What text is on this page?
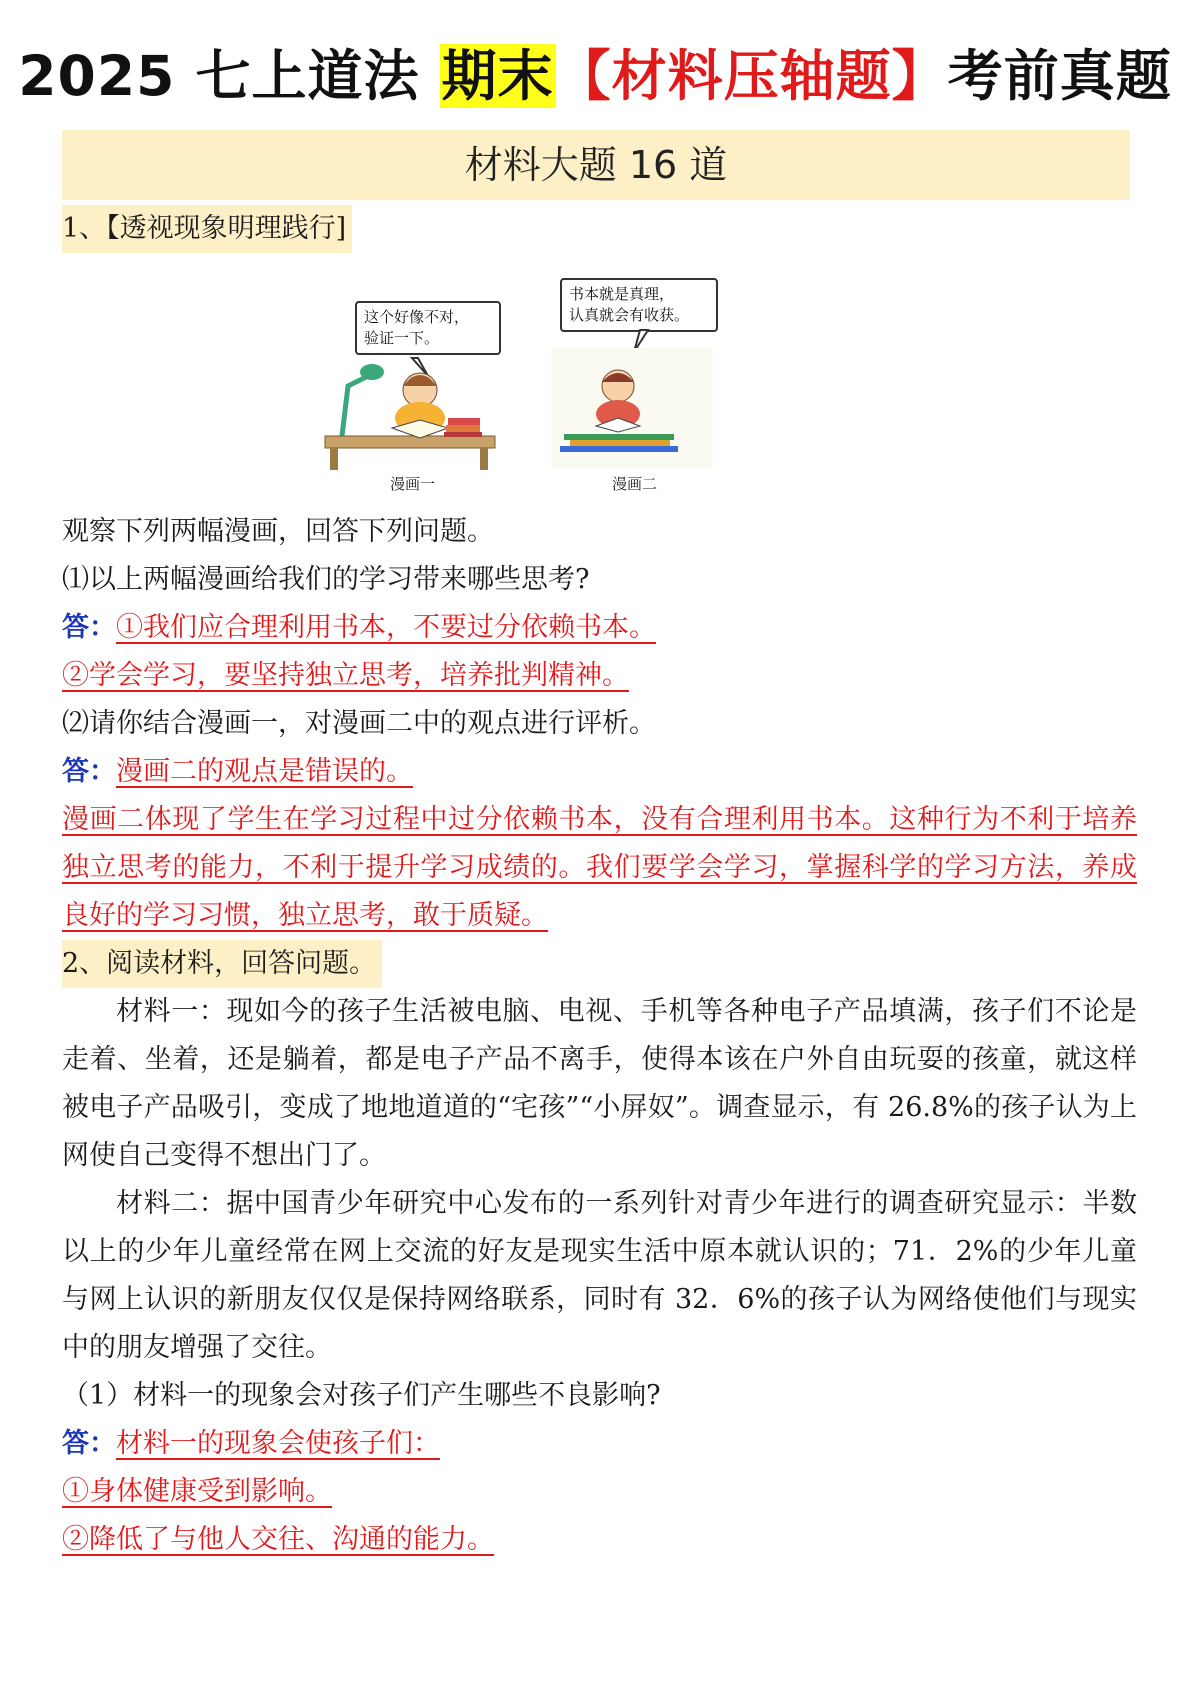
2025 七上道法 期末【材料压轴题】考前真题
材料大题 16 道
1、【透视现象明理践行]
这个好像不对，
验证一下。
漫画一
书本就是真理，
认真就会有收获。
漫画二

观察下列两幅漫画，回答下列问题。

⑴以上两幅漫画给我们的学习带来哪些思考?

答：①我们应合理利用书本，不要过分依赖书本。

②学会学习，要坚持独立思考，培养批判精神。

⑵请你结合漫画一，对漫画二中的观点进行评析。

答：漫画二的观点是错误的。

漫画二体现了学生在学习过程中过分依赖书本，没有合理利用书本。这种行为不利于培养独立思考的能力，不利于提升学习成绩的。我们要学会学习，掌握科学的学习方法，养成良好的学习习惯，独立思考，敢于质疑。

2、阅读材料，回答问题。

材料一：现如今的孩子生活被电脑、电视、手机等各种电子产品填满，孩子们不论是走着、坐着，还是躺着，都是电子产品不离手，使得本该在户外自由玩耍的孩童，就这样被电子产品吸引，变成了地地道道的“宅孩”“小屏奴”。调查显示，有 26.8%的孩子认为上网使自己变得不想出门了。

材料二：据中国青少年研究中心发布的一系列针对青少年进行的调查研究显示：半数以上的少年儿童经常在网上交流的好友是现实生活中原本就认识的；71．2%的少年儿童与网上认识的新朋友仅仅是保持网络联系，同时有 32．6%的孩子认为网络使他们与现实中的朋友增强了交往。

（1）材料一的现象会对孩子们产生哪些不良影响?

答：材料一的现象会使孩子们：

①身体健康受到影响。

②降低了与他人交往、沟通的能力。
